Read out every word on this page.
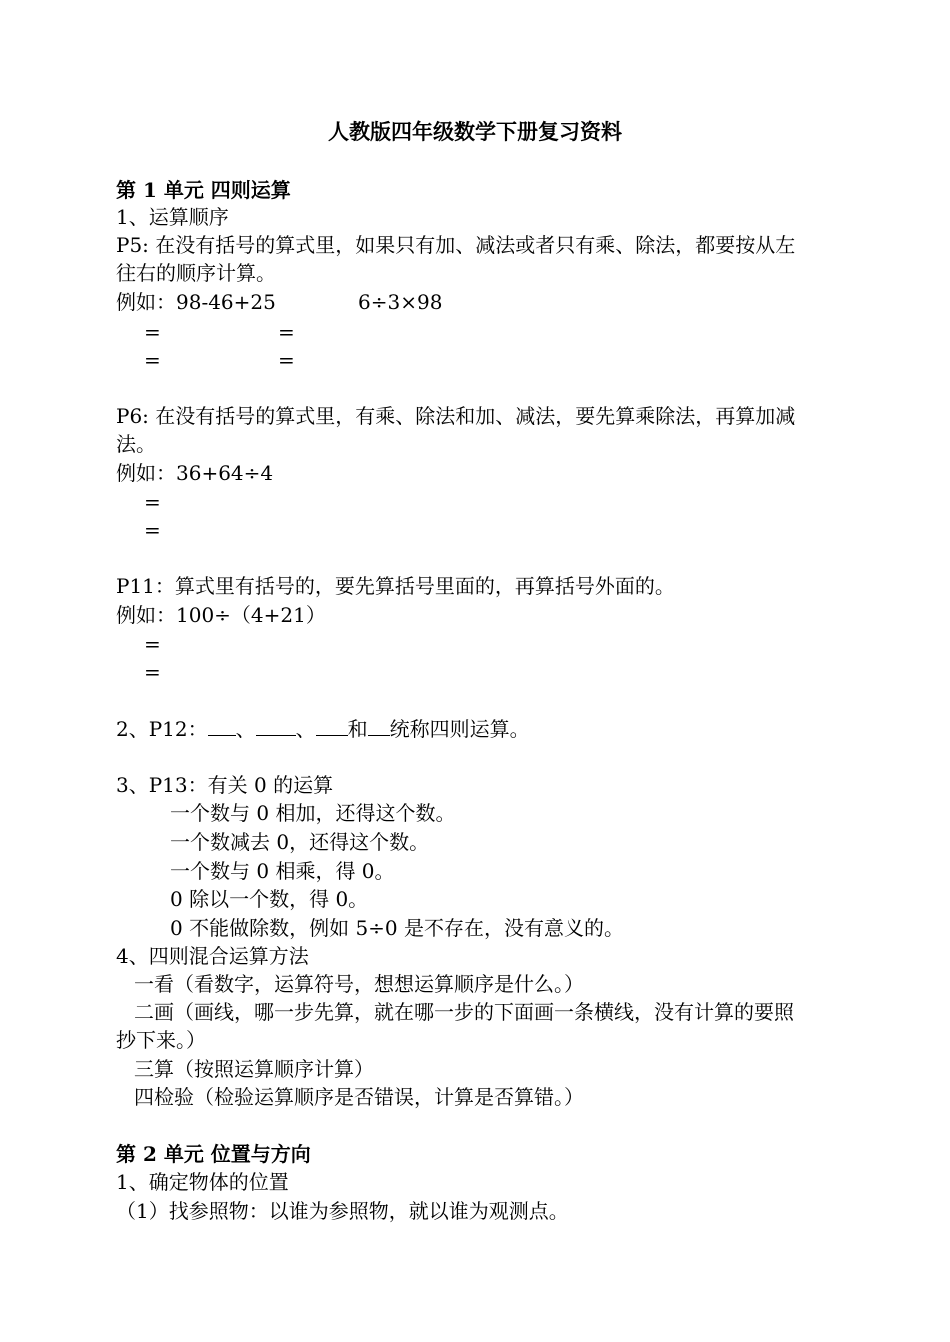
人教版四年级数学下册复习资料
第 1 单元 四则运算
1、运算顺序
P5: 在没有括号的算式里，如果只有加、减法或者只有乘、除法，都要按从左
往右的顺序计算。
例如：98-46+25	6÷3×98
=	=
=	=
P6: 在没有括号的算式里，有乘、除法和加、减法，要先算乘除法，再算加减
法。
例如：36+64÷4
=
=
P11：算式里有括号的，要先算括号里面的，再算括号外面的。
例如：100÷（4+21）
=
=
2、P12： 、 、 和 统称四则运算。
3、P13：有关 0 的运算
一个数与 0 相加，还得这个数。
一个数减去 0，还得这个数。
一个数与 0 相乘，得 0。
0 除以一个数，得 0。
0 不能做除数，例如 5÷0 是不存在，没有意义的。
4、四则混合运算方法
一看（看数字，运算符号，想想运算顺序是什么。）
二画（画线，哪一步先算，就在哪一步的下面画一条横线，没有计算的要照
抄下来。）
三算（按照运算顺序计算）
四检验（检验运算顺序是否错误，计算是否算错。）
第 2 单元 位置与方向
1、确定物体的位置
（1）找参照物：以谁为参照物，就以谁为观测点。
